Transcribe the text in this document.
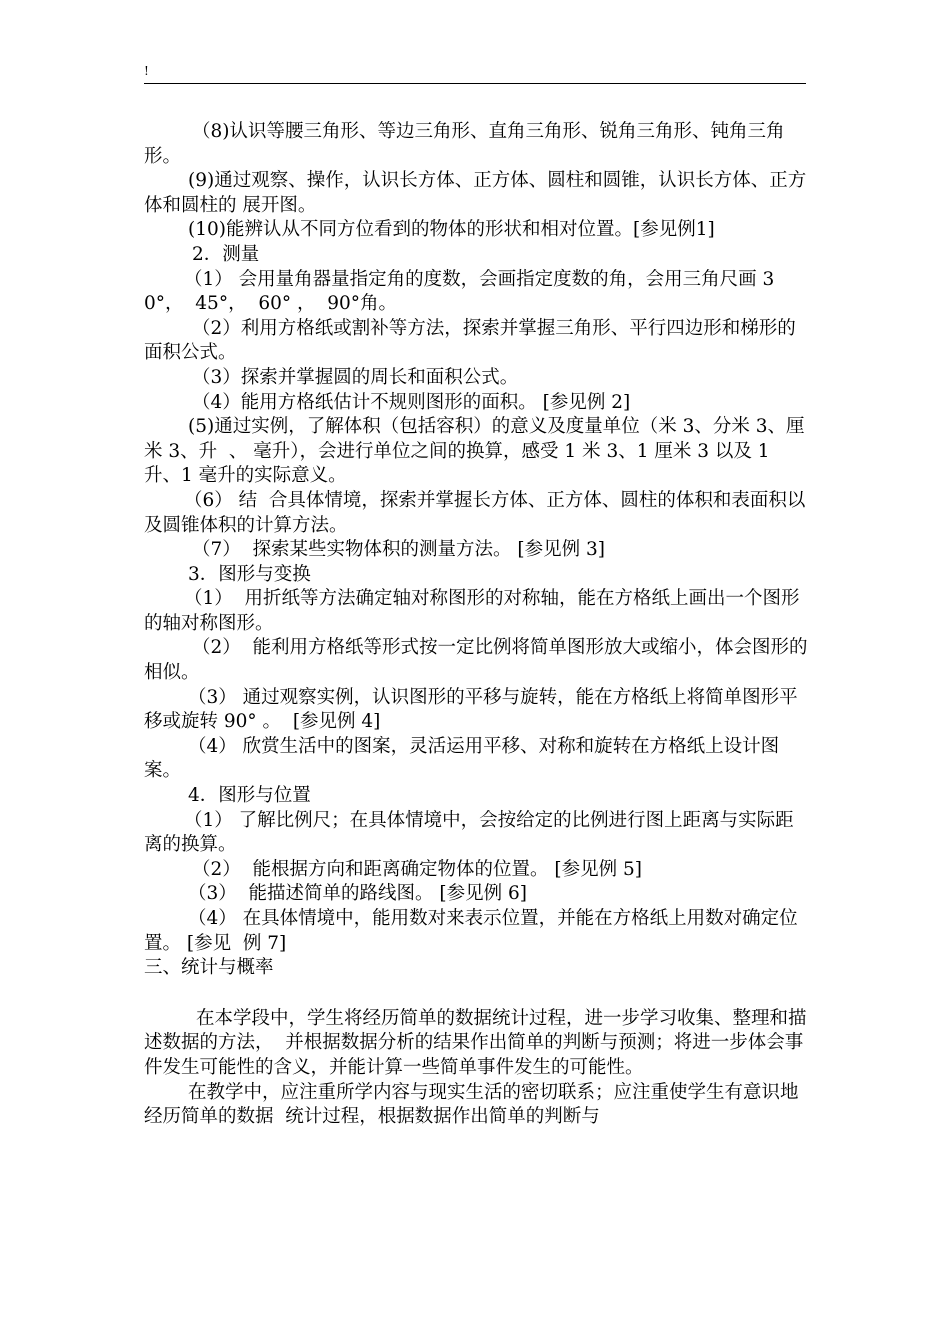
!

（8)认识等腰三角形、等边三角形、直角三角形、锐角三角形、钝角三角形。

(9)通过观察、操作，认识长方体、正方体、圆柱和圆锥，认识长方体、正方体和圆柱的 展开图。

(10)能辨认从不同方位看到的物体的形状和相对位置。[参见例1]

2．测量

（1） 会用量角器量指定角的度数，会画指定度数的角，会用三角尺画 30°，  45°，  60° ，  90°角。

（2）利用方格纸或割补等方法，探索并掌握三角形、平行四边形和梯形的面积公式。

（3）探索并掌握圆的周长和面积公式。

（4）能用方格纸估计不规则图形的面积。 [参见例 2]

(5)通过实例，了解体积（包括容积）的意义及度量单位（米 3、分米 3、厘米 3、升  、 毫升），会进行单位之间的换算，感受 1 米 3、1 厘米 3 以及 1 升、1 毫升的实际意义。

（6） 结  合具体情境，探索并掌握长方体、正方体、圆柱的体积和表面积以及圆锥体积的计算方法。

（7）  探索某些实物体积的测量方法。 [参见例 3]

3．图形与变换

（1）  用折纸等方法确定轴对称图形的对称轴，能在方格纸上画出一个图形的轴对称图形。

（2）  能利用方格纸等形式按一定比例将简单图形放大或缩小，体会图形的相似。

（3） 通过观察实例，认识图形的平移与旋转，能在方格纸上将简单图形平移或旋转 90° 。  [参见例 4]

（4） 欣赏生活中的图案，灵活运用平移、对称和旋转在方格纸上设计图案。

4．图形与位置

（1） 了解比例尺；在具体情境中，会按给定的比例进行图上距离与实际距离的换算。

（2）  能根据方向和距离确定物体的位置。 [参见例 5]

（3）  能描述简单的路线图。 [参见例 6]

（4） 在具体情境中，能用数对来表示位置，并能在方格纸上用数对确定位置。 [参见  例 7]

三、统计与概率

在本学段中，学生将经历简单的数据统计过程，进一步学习收集、整理和描述数据的方法，  并根据数据分析的结果作出简单的判断与预测；将进一步体会事件发生可能性的含义，并能计算一些简单事件发生的可能性。

在教学中，应注重所学内容与现实生活的密切联系；应注重使学生有意识地经历简单的数据  统计过程，根据数据作出简单的判断与
